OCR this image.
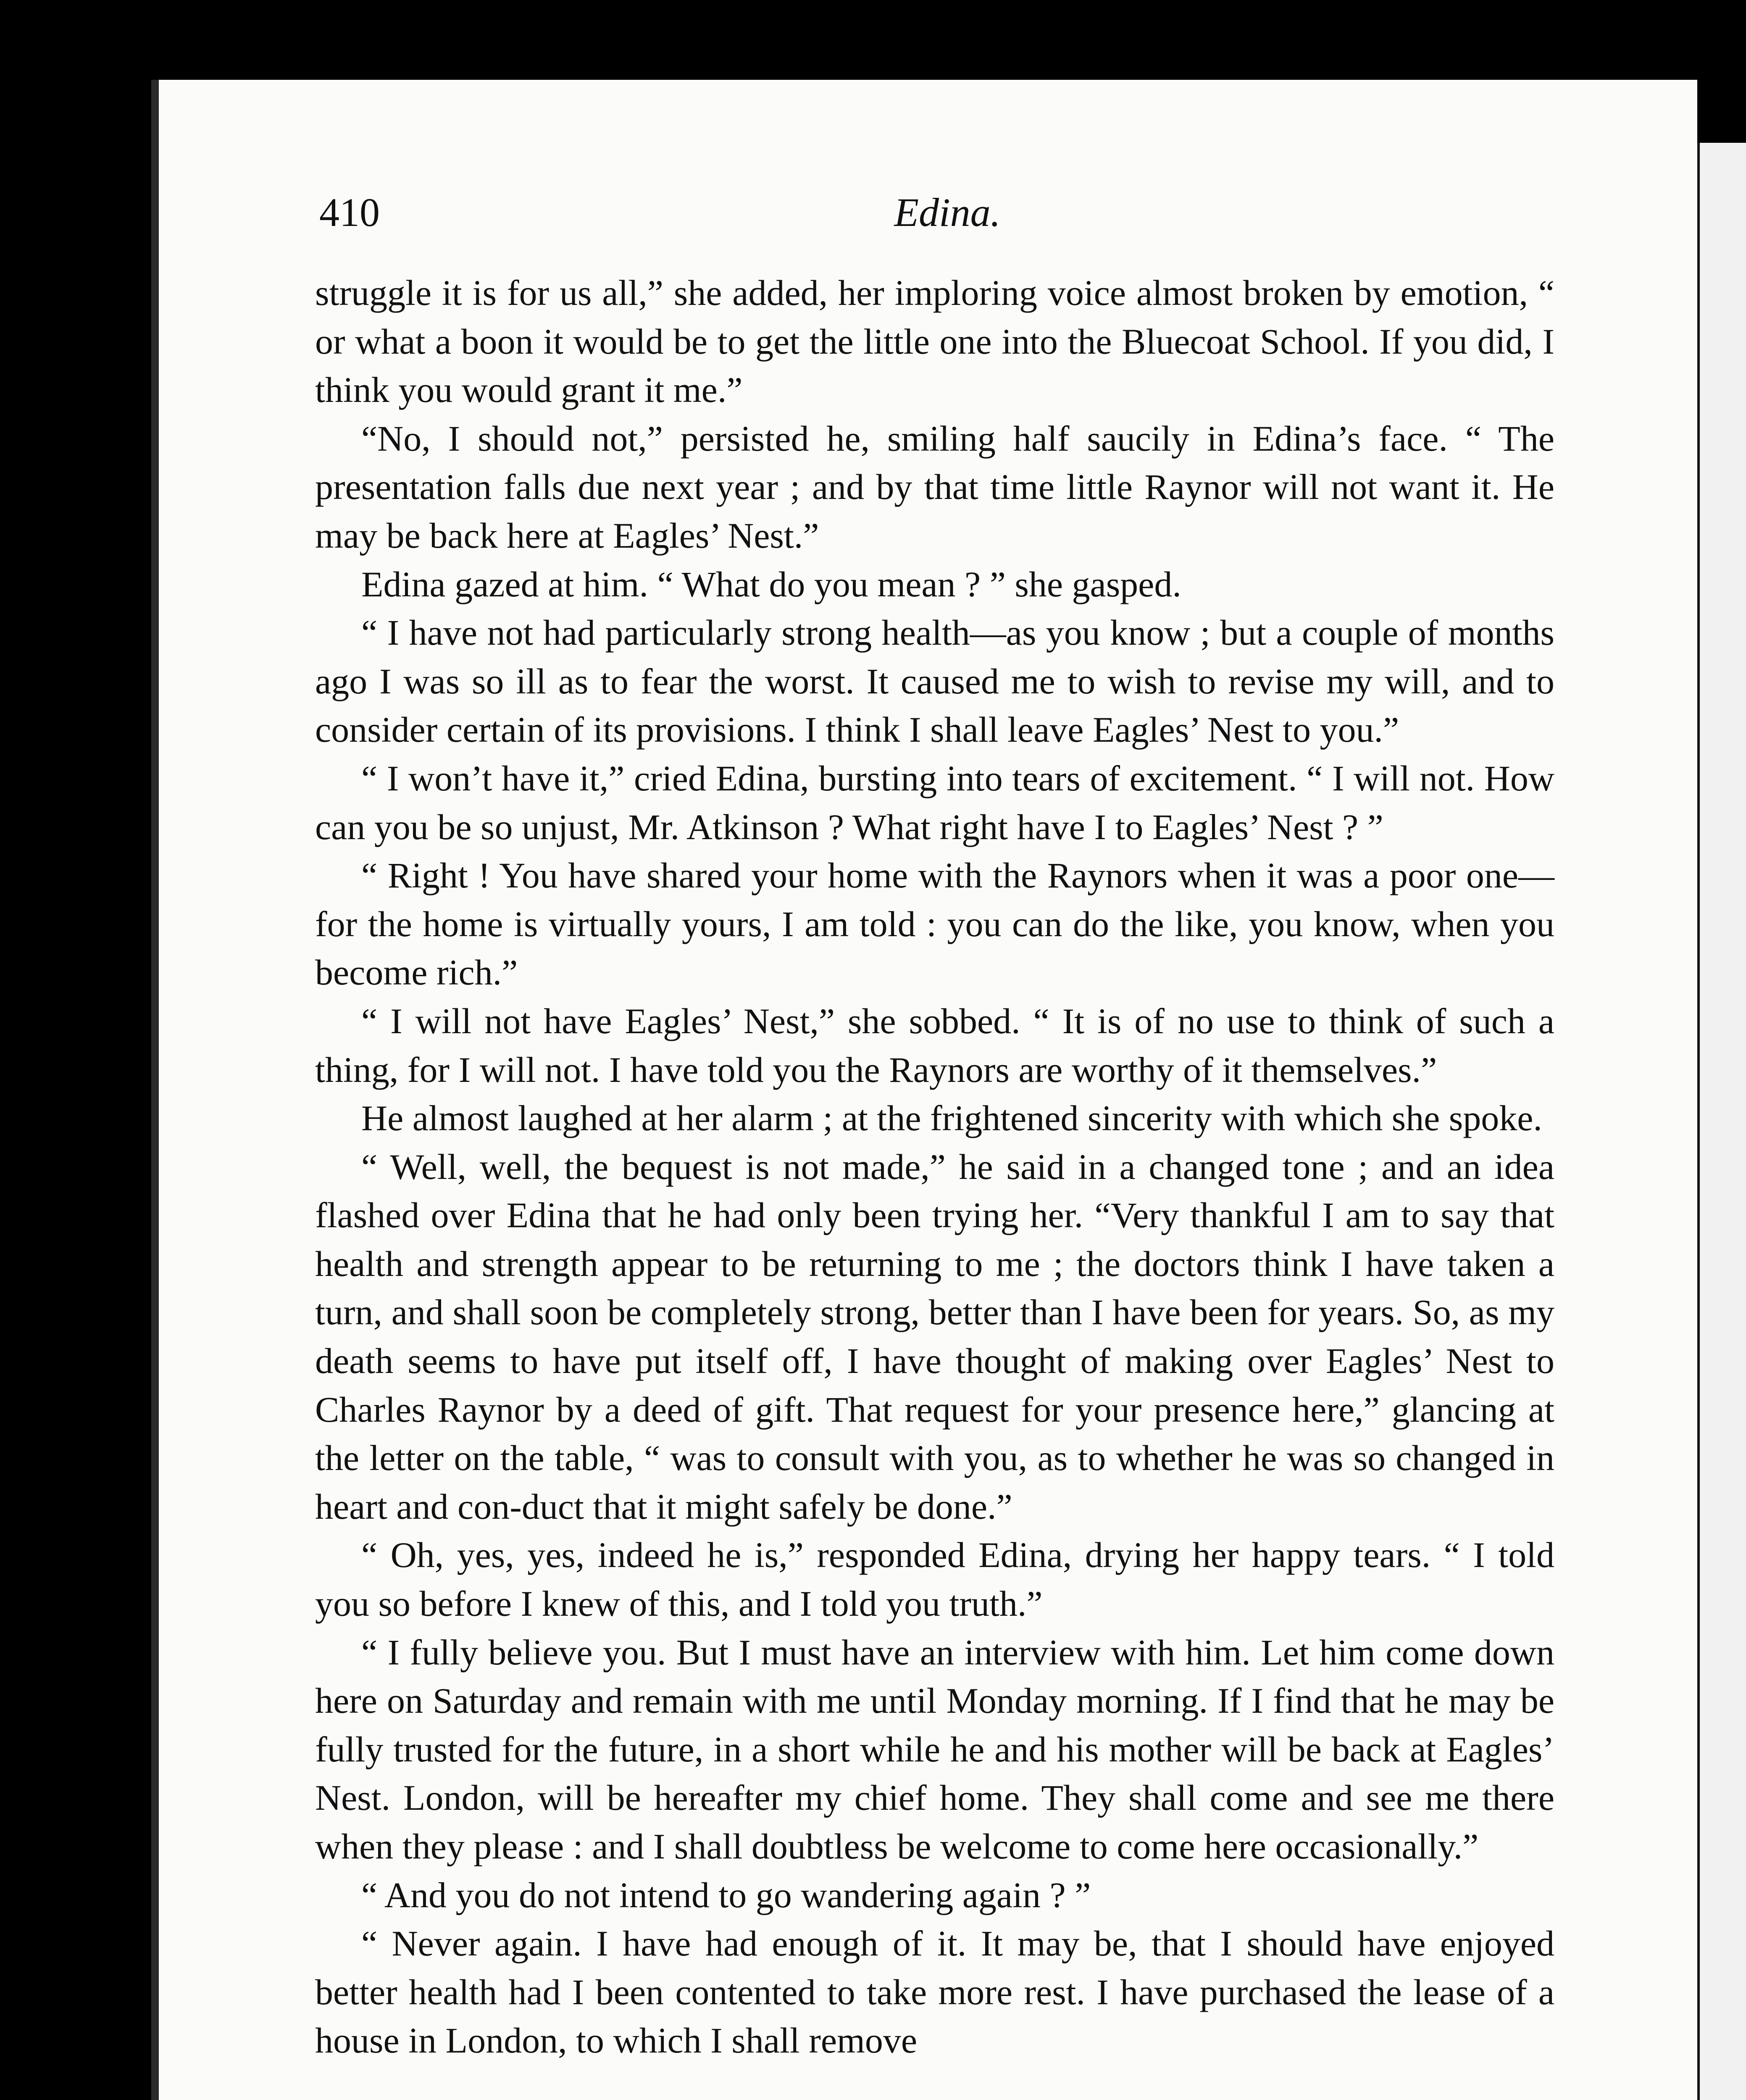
410	Edina.

struggle it is for us all,” she added, her imploring voice almost broken by emotion, “ or what a boon it would be to get the little one into the Bluecoat School. If you did, I think you would grant it me.”

“No, I should not,” persisted he, smiling half saucily in Edina’s face. “ The presentation falls due next year ; and by that time little Raynor will not want it. He may be back here at Eagles’ Nest.”

Edina gazed at him. “ What do you mean ? ” she gasped.

“ I have not had particularly strong health—as you know ; but a couple of months ago I was so ill as to fear the worst. It caused me to wish to revise my will, and to consider certain of its provisions. I think I shall leave Eagles’ Nest to you.”

“ I won’t have it,” cried Edina, bursting into tears of excitement. “ I will not. How can you be so unjust, Mr. Atkinson ? What right have I to Eagles’ Nest ? ”

“ Right ! You have shared your home with the Raynors when it was a poor one—for the home is virtually yours, I am told : you can do the like, you know, when you become rich.”

“ I will not have Eagles’ Nest,” she sobbed. “ It is of no use to think of such a thing, for I will not. I have told you the Raynors are worthy of it themselves.”

He almost laughed at her alarm ; at the frightened sincerity with which she spoke.

“ Well, well, the bequest is not made,” he said in a changed tone ; and an idea flashed over Edina that he had only been trying her. “Very thankful I am to say that health and strength appear to be returning to me ; the doctors think I have taken a turn, and shall soon be completely strong, better than I have been for years. So, as my death seems to have put itself off, I have thought of making over Eagles’ Nest to Charles Raynor by a deed of gift. That request for your presence here,” glancing at the letter on the table, “ was to consult with you, as to whether he was so changed in heart and con-duct that it might safely be done.”

“ Oh, yes, yes, indeed he is,” responded Edina, drying her happy tears. “ I told you so before I knew of this, and I told you truth.”

“ I fully believe you. But I must have an interview with him. Let him come down here on Saturday and remain with me until Monday morning. If I find that he may be fully trusted for the future, in a short while he and his mother will be back at Eagles’ Nest. London, will be hereafter my chief home. They shall come and see me there when they please : and I shall doubtless be welcome to come here occasionally.”

“ And you do not intend to go wandering again ? ”

“ Never again. I have had enough of it. It may be, that I should have enjoyed better health had I been contented to take more rest. I have purchased the lease of a house in London, to which I shall remove
